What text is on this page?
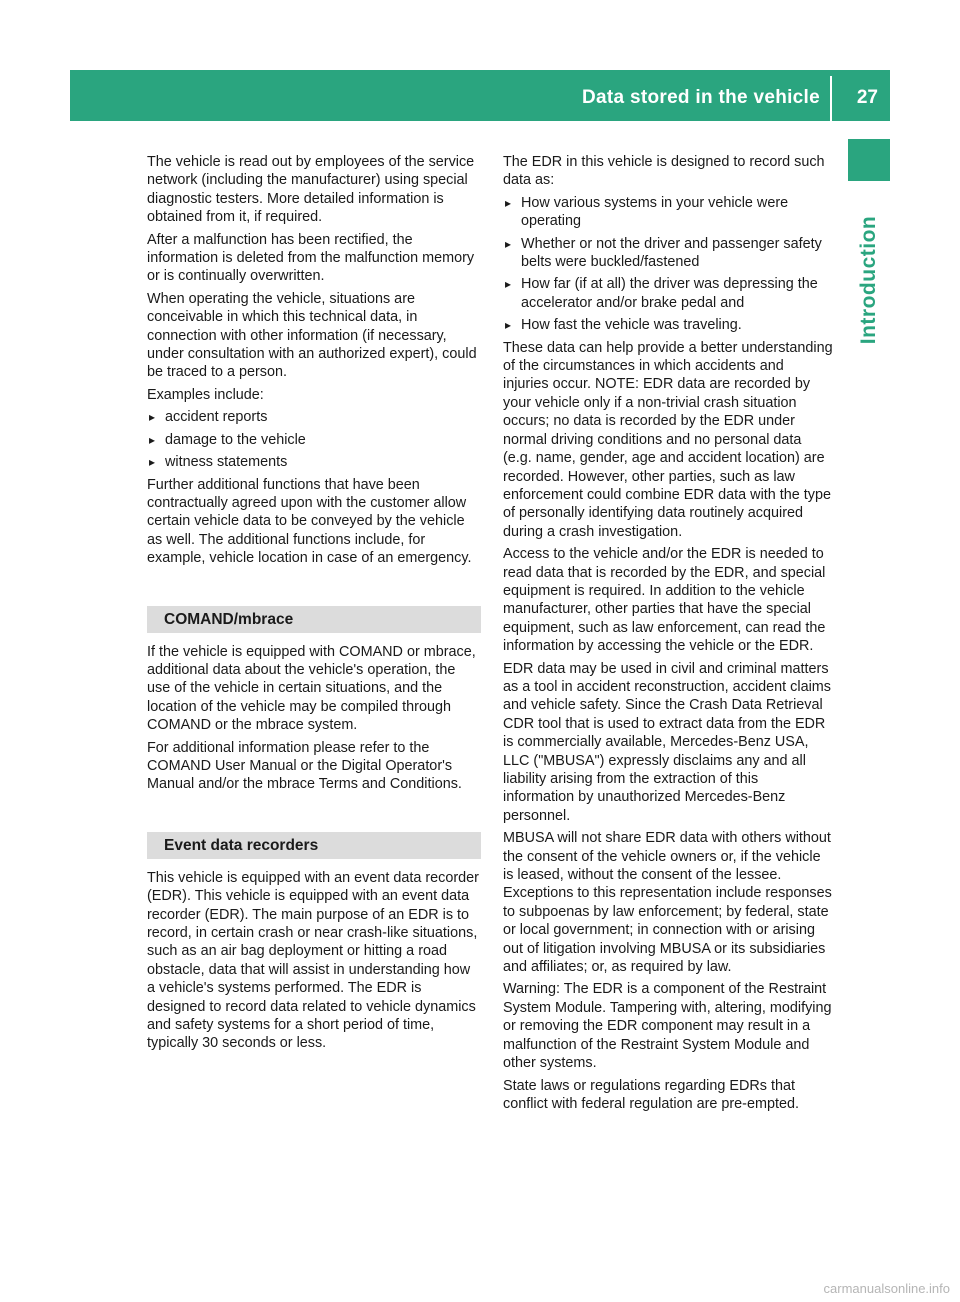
Data stored in the vehicle 27
Introduction

The vehicle is read out by employees of the service network (including the manufacturer) using special diagnostic testers. More detailed information is obtained from it, if required.

After a malfunction has been rectified, the information is deleted from the malfunction memory or is continually overwritten.

When operating the vehicle, situations are conceivable in which this technical data, in connection with other information (if necessary, under consultation with an authorized expert), could be traced to a person.

Examples include:

▸ accident reports
▸ damage to the vehicle
▸ witness statements

Further additional functions that have been contractually agreed upon with the customer allow certain vehicle data to be conveyed by the vehicle as well. The additional functions include, for example, vehicle location in case of an emergency.

COMAND/mbrace

If the vehicle is equipped with COMAND or mbrace, additional data about the vehicle's operation, the use of the vehicle in certain situations, and the location of the vehicle may be compiled through COMAND or the mbrace system.

For additional information please refer to the COMAND User Manual or the Digital Operator's Manual and/or the mbrace Terms and Conditions.

Event data recorders

This vehicle is equipped with an event data recorder (EDR). This vehicle is equipped with an event data recorder (EDR). The main purpose of an EDR is to record, in certain crash or near crash-like situations, such as an air bag deployment or hitting a road obstacle, data that will assist in understanding how a vehicle's systems performed. The EDR is designed to record data related to vehicle dynamics and safety systems for a short period of time, typically 30 seconds or less.

The EDR in this vehicle is designed to record such data as:

▸ How various systems in your vehicle were operating
▸ Whether or not the driver and passenger safety belts were buckled/fastened
▸ How far (if at all) the driver was depressing the accelerator and/or brake pedal and
▸ How fast the vehicle was traveling.

These data can help provide a better understanding of the circumstances in which accidents and injuries occur. NOTE: EDR data are recorded by your vehicle only if a non-trivial crash situation occurs; no data is recorded by the EDR under normal driving conditions and no personal data (e.g. name, gender, age and accident location) are recorded. However, other parties, such as law enforcement could combine EDR data with the type of personally identifying data routinely acquired during a crash investigation.

Access to the vehicle and/or the EDR is needed to read data that is recorded by the EDR, and special equipment is required. In addition to the vehicle manufacturer, other parties that have the special equipment, such as law enforcement, can read the information by accessing the vehicle or the EDR.

EDR data may be used in civil and criminal matters as a tool in accident reconstruction, accident claims and vehicle safety. Since the Crash Data Retrieval CDR tool that is used to extract data from the EDR is commercially available, Mercedes-Benz USA, LLC ("MBUSA") expressly disclaims any and all liability arising from the extraction of this information by unauthorized Mercedes-Benz personnel.

MBUSA will not share EDR data with others without the consent of the vehicle owners or, if the vehicle is leased, without the consent of the lessee. Exceptions to this representation include responses to subpoenas by law enforcement; by federal, state or local government; in connection with or arising out of litigation involving MBUSA or its subsidiaries and affiliates; or, as required by law.

Warning: The EDR is a component of the Restraint System Module. Tampering with, altering, modifying or removing the EDR component may result in a malfunction of the Restraint System Module and other systems.

State laws or regulations regarding EDRs that conflict with federal regulation are pre-empted.

carmanualsonline.info
